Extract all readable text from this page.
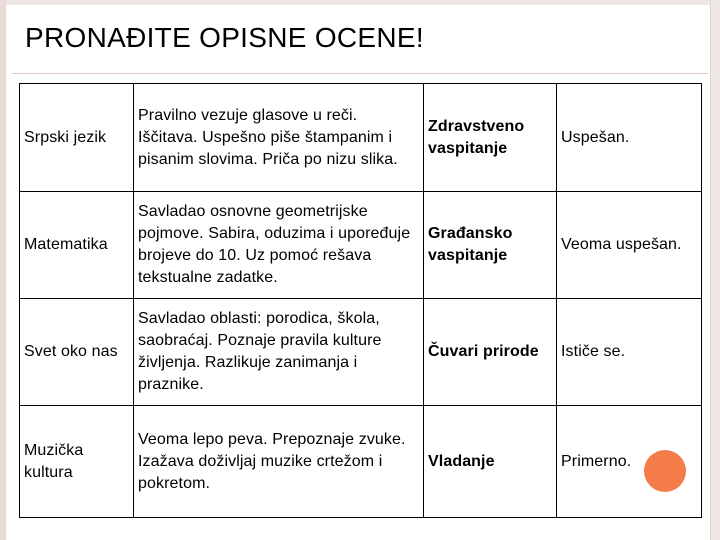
PRONAĐITE OPISNE OCENE!
Srpski jezik	Pravilno vezuje glasove u reči. Iščitava. Uspešno piše štampanim i pisanim slovima. Priča po nizu slika.	Zdravstveno vaspitanje	Uspešan.
Matematika	Savladao osnovne geometrijske pojmove. Sabira, oduzima i upoređuje brojeve do 10. Uz pomoć rešava tekstualne zadatke.	Građansko vaspitanje	Veoma uspešan.
Svet oko nas	Savladao oblasti: porodica, škola, saobraćaj. Poznaje pravila kulture življenja. Razlikuje zanimanja i praznike.	Čuvari prirode	Ističe se.
Muzička kultura	Veoma lepo peva. Prepoznaje zvuke. Izažava doživljaj muzike crtežom i pokretom.	Vladanje	Primerno.
